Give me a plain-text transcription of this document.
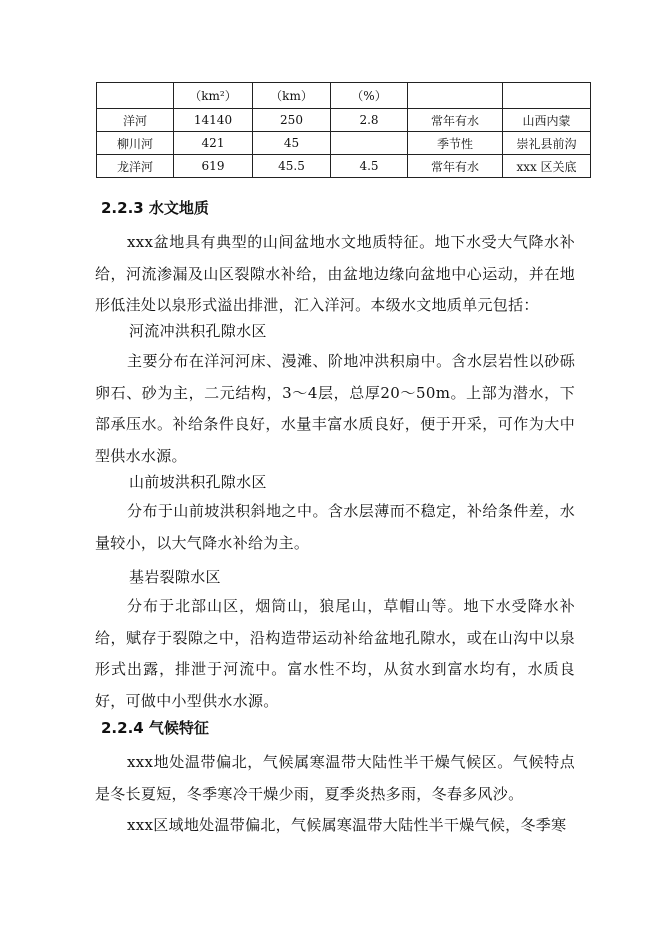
	（km²）	（km）	（%）		
洋河	14140	250	2.8	常年有水	山西内蒙
柳川河	421	45		季节性	崇礼县前沟
龙洋河	619	45.5	4.5	常年有水	xxx 区关底
2.2.3 水文地质

xxx盆地具有典型的山间盆地水文地质特征。地下水受大气降水补给，河流渗漏及山区裂隙水补给，由盆地边缘向盆地中心运动，并在地形低洼处以泉形式溢出排泄，汇入洋河。本级水文地质单元包括：

河流冲洪积孔隙水区

主要分布在洋河河床、漫滩、阶地冲洪积扇中。含水层岩性以砂砾卵石、砂为主，二元结构，3～4层，总厚20～50m。上部为潜水，下部承压水。补给条件良好，水量丰富水质良好，便于开采，可作为大中型供水水源。

山前坡洪积孔隙水区

分布于山前坡洪积斜地之中。含水层薄而不稳定，补给条件差，水量较小，以大气降水补给为主。

基岩裂隙水区

分布于北部山区，烟筒山，狼尾山，草帽山等。地下水受降水补给，赋存于裂隙之中，沿构造带运动补给盆地孔隙水，或在山沟中以泉形式出露，排泄于河流中。富水性不均，从贫水到富水均有，水质良好，可做中小型供水水源。

2.2.4 气候特征

xxx地处温带偏北，气候属寒温带大陆性半干燥气候区。气候特点是冬长夏短，冬季寒冷干燥少雨，夏季炎热多雨，冬春多风沙。

xxx区域地处温带偏北，气候属寒温带大陆性半干燥气候，冬季寒
